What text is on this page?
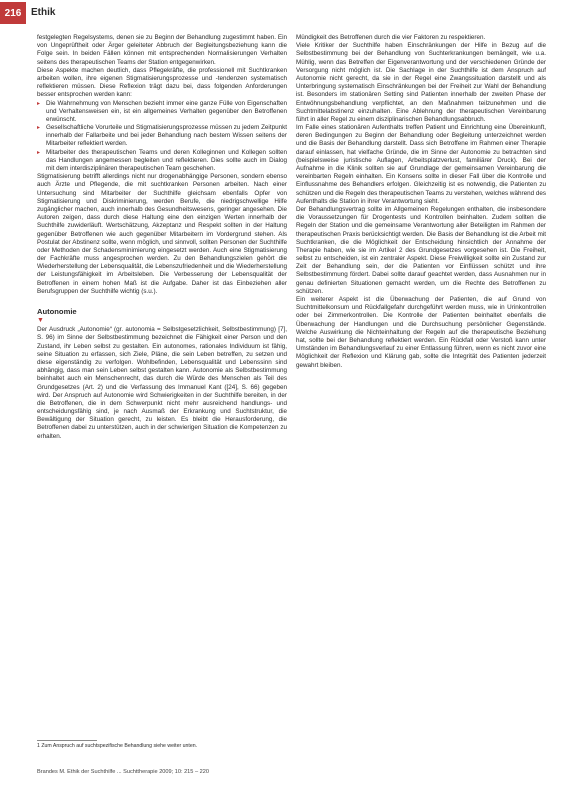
216 Ethik

festgelegten Regelsystems, denen sie zu Beginn der Behandlung zugestimmt haben. Ein von Ungeprüftheit oder Ärger geleiteter Abbruch der Begleitungsbeziehung kann die Folge sein. In beiden Fällen können mit entsprechenden Normalisierungen Verhalten seitens des therapeutischen Teams der Station entgegenwirken.

Diese Aspekte machen deutlich, dass Pflegekräfte, die professionell mit Suchtkranken arbeiten wollen, ihre eigenen Stigmatisierungsprozesse und -tendenzen systematisch reflektieren müssen. Diese Reflexion trägt dazu bei, dass folgenden Anforderungen besser entsprochen werden kann:

▸ Die Wahrnehmung von Menschen bezieht immer eine ganze Fülle von Eigenschaften und Verhaltensweisen ein, ist ein allgemeines Verhalten gegenüber den Betroffenen erwünscht.
▸ Gesellschaftliche Vorurteile und Stigmatisierungsprozesse müssen zu jedem Zeitpunkt innerhalb der Fallarbeite und bei jeder Behandlung nach bestem Wissen seitens der Mitarbeiter reflektiert werden.
▸ Mitarbeiter des therapeutischen Teams und deren Kolleginnen und Kollegen sollten das Handlungen angemessen begleiten und reflektieren. Dies sollte auch im Dialog mit dem interdisziplinären therapeutischen Team geschehen.

Stigmatisierung betrifft allerdings nicht nur drogenabhängige Personen, sondern ebenso auch Ärzte und Pflegende, die mit suchtkranken Personen arbeiten. Nach einer Untersuchung sind Mitarbeiter der Suchthilfe gleichsam ebenfalls Opfer von Stigmatisierung und Diskriminierung, werden Berufe, die niedrigschwellige Hilfe zugänglicher machen, auch innerhalb des Gesundheitswesens, geringer angesehen. Die Autoren zeigen, dass durch diese Haltung eine den einzigen Werten innerhalb der Suchthilfe zuwiderläuft. Wertschätzung, Akzeptanz und Respekt sollten in der Haltung gegenüber Betroffenen wie auch gegenüber Mitarbeitern im Vordergrund stehen. Als Postulat der Abstinenz sollte, wenn möglich, und sinnvoll, sollten Personen der Suchthilfe oder Methoden der Schadensminimierung eingesetzt werden. Auch eine Stigmatisierung der Fachkräfte muss angesprochen werden. Zu den Behandlungszielen gehört die Wiederherstellung der Lebensqualität, die Lebenszufriedenheit und die Wiederherstellung der Leistungsfähigkeit im Arbeitsleben. Die Verbesserung der Lebensqualität der Betroffenen in einem hohen Maß ist die Aufgabe. Daher ist das Einbeziehen aller Berufsgruppen der Suchthilfe wichtig (s.u.).

Autonomie

▼

Der Ausdruck „Autonomie“ (gr. autonomia = Selbstgesetzlichkeit, Selbstbestimmung) [7], S. 96) im Sinne der Selbstbestimmung bezeichnet die Fähigkeit einer Person und den Zustand, ihr Leben selbst zu gestalten. Ein autonomes, rationales Individuum ist fähig, seine Situation zu erfassen, sich Ziele, Pläne, die sein Leben betreffen, zu setzen und diese eigenständig zu verfolgen. Wohlbefinden, Lebensqualität und Lebenssinn sind abhängig, dass man sein Leben selbst gestalten kann. Autonomie als Selbstbestimmung beinhaltet auch ein Menschenrecht, das durch die Würde des Menschen als Teil des Grundgesetzes (Art. 2) und die Verfassung des Immanuel Kant ([24], S. 66) gegeben wird. Der Anspruch auf Autonomie wird Schwierigkeiten in der Suchthilfe bereiten, in der die Betroffenen, die in dem Schwerpunkt nicht mehr ausreichend handlungs- und entscheidungsfähig sind, je nach Ausmaß der Erkrankung und Suchtstruktur, die Bewältigung der Situation gerecht, zu leisten. Es bleibt die Herausforderung, die Betroffenen dabei zu unterstützen, auch in der schwierigen Situation die Kompetenzen zu erhalten.

Mündigkeit des Betroffenen durch die vier Faktoren zu respektieren.

Viele Kritiker der Suchthilfe haben Einschränkungen der Hilfe in Bezug auf die Selbstbestimmung bei der Behandlung von Suchterkrankungen bemängelt, wie u.a. Mühlig, wenn das Betreffen der Eigenverantwortung und der verschiedenen Gründe der Versorgung nicht möglich ist. Die Sachlage in der Suchthilfe ist dem Anspruch auf Autonomie nicht gerecht, da sie in der Regel eine Zwangssituation darstellt und als Unterbringung systematisch Einschränkungen bei der Freiheit zur Wahl der Behandlung ist. Besonders im stationären Setting sind Patienten innerhalb der zweiten Phase der Entwöhnungsbehandlung verpflichtet, an den Maßnahmen teilzunehmen und die Suchtmittelabstinenz einzuhalten. Eine Ablehnung der therapeutischen Vereinbarung führt in aller Regel zu einem disziplinarischen Behandlungsabbruch.

Im Falle eines stationären Aufenthalts treffen Patient und Einrichtung eine Übereinkunft, deren Bedingungen zu Beginn der Behandlung oder Begleitung unterzeichnet werden und die Basis der Behandlung darstellt. Dass sich Betroffene im Rahmen einer Therapie darauf einlassen, hat vielfache Gründe, die im Sinne der Autonomie zu betrachten sind (beispielsweise juristische Auflagen, Arbeitsplatzverlust, familiärer Druck). Bei der Aufnahme in die Klinik sollten sie auf Grundlage der gemeinsamen Vereinbarung die vereinbarten Regeln einhalten. Ein Konsens sollte in dieser Fall über die Kontrolle und Einflussnahme des Behandlers erfolgen. Gleichzeitig ist es notwendig, die Patienten zu schützen und die Regeln des therapeutischen Teams zu verstehen, welches während des Aufenthalts die Station in ihrer Verantwortung sieht.

Der Behandlungsvertrag sollte im Allgemeinen Regelungen enthalten, die insbesondere die Voraussetzungen für Drogentests und Kontrollen beinhalten. Zudem sollten die Regeln der Station und die gemeinsame Verantwortung aller Beteiligten im Rahmen der therapeutischen Praxis berücksichtigt werden. Die Basis der Behandlung ist die Arbeit mit Suchtkranken, die die Möglichkeit der Entscheidung hinsichtlich der Annahme der Therapie haben, wie sie im Artikel 2 des Grundgesetzes vorgesehen ist. Die Freiheit, selbst zu entscheiden, ist ein zentraler Aspekt. Diese Freiwilligkeit sollte ein Zustand zur Zeit der Behandlung sein, der die Patienten vor Einflüssen schützt und ihre Selbstbestimmung fördert. Dabei sollte darauf geachtet werden, dass Ausnahmen nur in genau definierten Situationen gemacht werden, um die Rechte des Betroffenen zu schützen.

Ein weiterer Aspekt ist die Überwachung der Patienten, die auf Grund von Suchtmittelkonsum und Rückfallgefahr durchgeführt werden muss, wie in Urinkontrollen oder bei Zimmerkontrollen. Die Kontrolle der Patienten beinhaltet ebenfalls die Überwachung der Handlungen und die Durchsuchung persönlicher Gegenstände. Welche Auswirkung die Nichteinhaltung der Regeln auf die therapeutische Beziehung hat, sollte bei der Behandlung reflektiert werden. Ein Rückfall oder Verstoß kann unter Umständen im Behandlungsverlauf zu einer Entlassung führen, wenn es nicht zuvor eine Möglichkeit der Reflexion und Klärung gab, sollte die Integrität des Patienten jederzeit gewahrt bleiben.

1 Zum Anspruch auf suchtspezifische Behandlung siehe weiter unten.
Brandes M. Ethik der Suchthilfe ... Suchttherapie 2009; 10: 215 – 220
